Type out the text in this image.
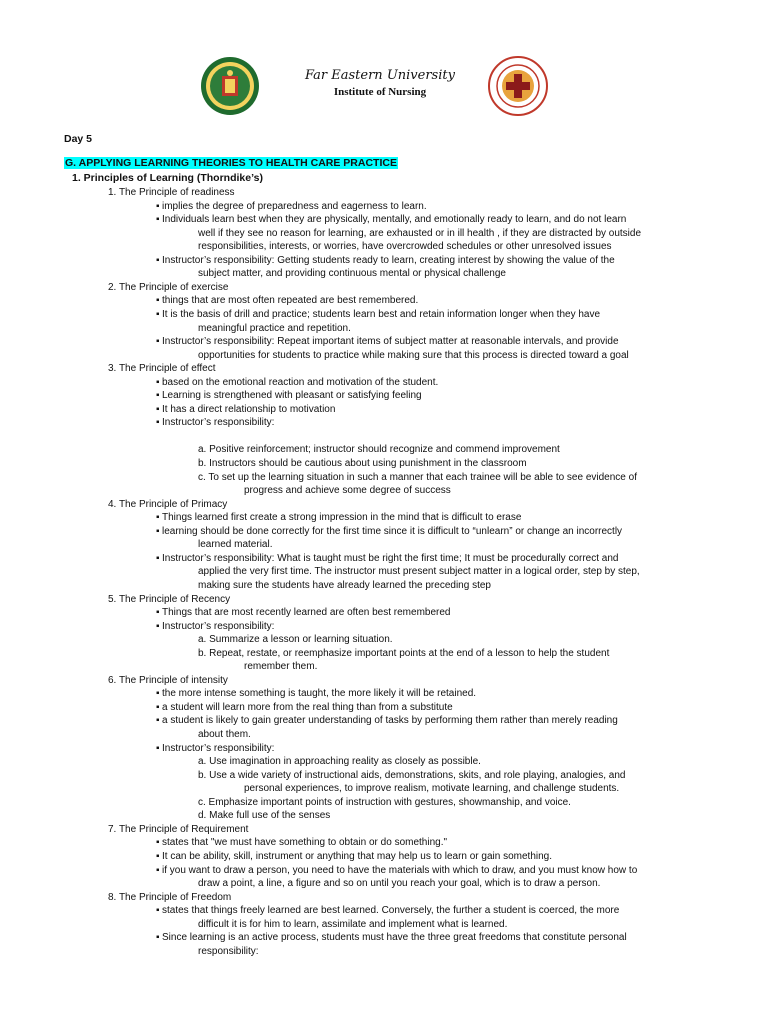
Far Eastern University
Institute of Nursing
Day 5
G. APPLYING LEARNING THEORIES TO HEALTH CARE PRACTICE
1. Principles of Learning (Thorndike’s)
1. The Principle of readiness
▪ implies the degree of preparedness and eagerness to learn.
▪ Individuals learn best when they are physically, mentally, and emotionally ready to learn, and do not learn
well if they see no reason for learning, are exhausted or in ill health , if they are distracted by outside
responsibilities, interests, or worries, have overcrowded schedules or other unresolved issues
▪ Instructor’s responsibility: Getting students ready to learn, creating interest by showing the value of the
subject matter, and providing continuous mental or physical challenge
2. The Principle of exercise
▪ things that are most often repeated are best remembered.
▪ It is the basis of drill and practice; students learn best and retain information longer when they have
meaningful practice and repetition.
▪ Instructor’s responsibility: Repeat important items of subject matter at reasonable intervals, and provide
opportunities for students to practice while making sure that this process is directed toward a goal
3. The Principle of effect
▪ based on the emotional reaction and motivation of the student.
▪ Learning is strengthened with pleasant or satisfying feeling
▪ It has a direct relationship to motivation
▪ Instructor’s responsibility:
a. Positive reinforcement; instructor should recognize and commend improvement
b. Instructors should be cautious about using punishment in the classroom
c. To set up the learning situation in such a manner that each trainee will be able to see evidence of
progress and achieve some degree of success
4. The Principle of Primacy
▪ Things learned first create a strong impression in the mind that is difficult to erase
▪ learning should be done correctly for the first time since it is difficult to “unlearn” or change an incorrectly
learned material.
▪ Instructor’s responsibility: What is taught must be right the first time; It must be procedurally correct and
applied the very first time. The instructor must present subject matter in a logical order, step by step,
making sure the students have already learned the preceding step
5. The Principle of Recency
▪ Things that are most recently learned are often best remembered
▪ Instructor’s responsibility:
a. Summarize a lesson or learning situation.
b. Repeat, restate, or reemphasize important points at the end of a lesson to help the student
remember them.
6. The Principle of intensity
▪ the more intense something is taught, the more likely it will be retained.
▪ a student will learn more from the real thing than from a substitute
▪ a student is likely to gain greater understanding of tasks by performing them rather than merely reading
about them.
▪ Instructor’s responsibility:
a. Use imagination in approaching reality as closely as possible.
b. Use a wide variety of instructional aids, demonstrations, skits, and role playing, analogies, and
personal experiences, to improve realism, motivate learning, and challenge students.
c. Emphasize important points of instruction with gestures, showmanship, and voice.
d. Make full use of the senses
7. The Principle of Requirement
▪ states that "we must have something to obtain or do something."
▪ It can be ability, skill, instrument or anything that may help us to learn or gain something.
▪ if you want to draw a person, you need to have the materials with which to draw, and you must know how to
draw a point, a line, a figure and so on until you reach your goal, which is to draw a person.
8. The Principle of Freedom
▪ states that things freely learned are best learned. Conversely, the further a student is coerced, the more
difficult it is for him to learn, assimilate and implement what is learned.
▪ Since learning is an active process, students must have the three great freedoms that constitute personal
responsibility:
